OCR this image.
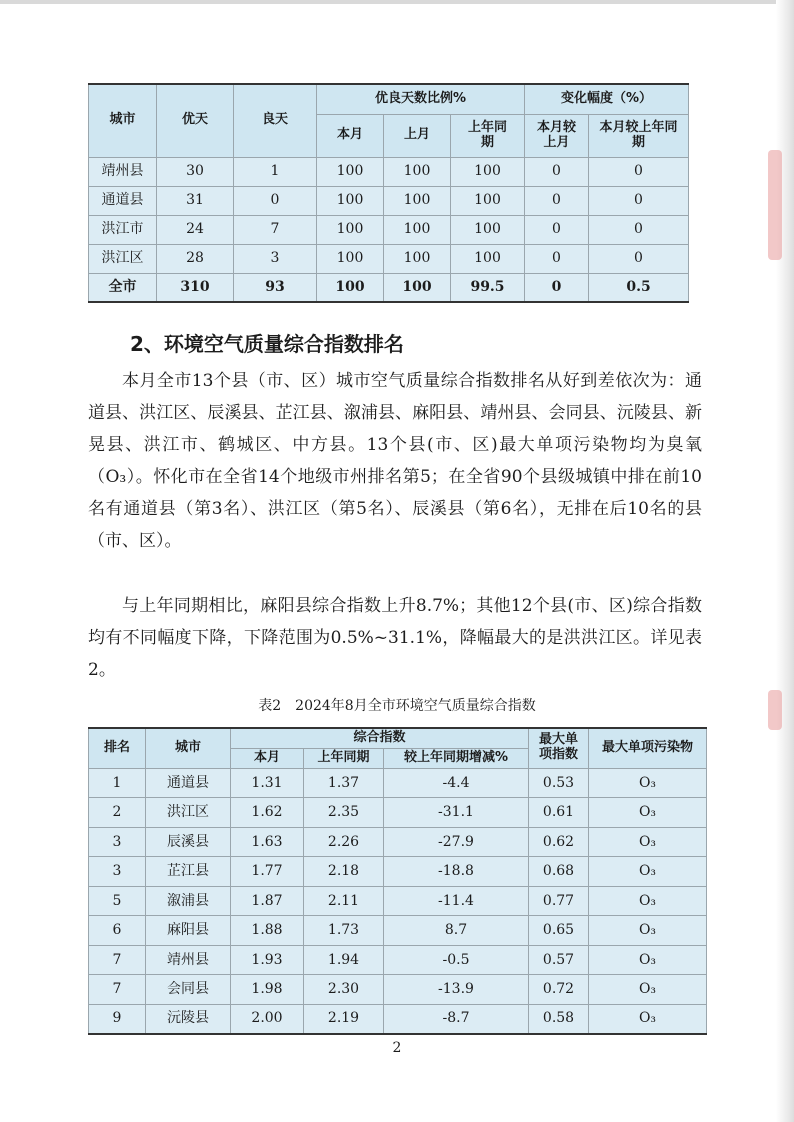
城市	优天	良天	优良天数比例%			变化幅度（%）	
			本月	上月	上年同期	本月较上月	本月较上年同期
靖州县	30	1	100	100	100	0	0
通道县	31	0	100	100	100	0	0
洪江市	24	7	100	100	100	0	0
洪江区	28	3	100	100	100	0	0
全市	310	93	100	100	99.5	0	0.5
2、环境空气质量综合指数排名

本月全市13个县（市、区）城市空气质量综合指数排名从好到差依次为：通道县、洪江区、辰溪县、芷江县、溆浦县、麻阳县、靖州县、会同县、沅陵县、新晃县、洪江市、鹤城区、中方县。13个县(市、区)最大单项污染物均为臭氧（O₃）。怀化市在全省14个地级市州排名第5；在全省90个县级城镇中排在前10名有通道县（第3名）、洪江区（第5名）、辰溪县（第6名），无排在后10名的县（市、区）。

与上年同期相比，麻阳县综合指数上升8.7%；其他12个县(市、区)综合指数均有不同幅度下降，下降范围为0.5%~31.1%，降幅最大的是洪洪江区。详见表2。

表2　2024年8月全市环境空气质量综合指数

排名	城市	综合指数			最大单项指数	最大单项污染物
		本月	上年同期	较上年同期增减%		
1	通道县	1.31	1.37	-4.4	0.53	O₃
2	洪江区	1.62	2.35	-31.1	0.61	O₃
3	辰溪县	1.63	2.26	-27.9	0.62	O₃
3	芷江县	1.77	2.18	-18.8	0.68	O₃
5	溆浦县	1.87	2.11	-11.4	0.77	O₃
6	麻阳县	1.88	1.73	8.7	0.65	O₃
7	靖州县	1.93	1.94	-0.5	0.57	O₃
7	会同县	1.98	2.30	-13.9	0.72	O₃
9	沅陵县	2.00	2.19	-8.7	0.58	O₃

2
